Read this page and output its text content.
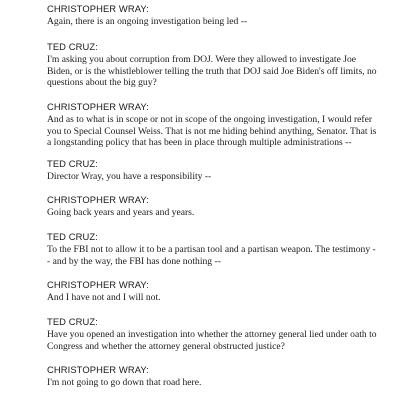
CHRISTOPHER WRAY:

Again, there is an ongoing investigation being led --

TED CRUZ:

I'm asking you about corruption from DOJ. Were they allowed to investigate Joe

Biden, or is the whistleblower telling the truth that DOJ said Joe Biden's off limits, no

questions about the big guy?

CHRISTOPHER WRAY:

And as to what is in scope or not in scope of the ongoing investigation, I would refer

you to Special Counsel Weiss. That is not me hiding behind anything, Senator. That is

a longstanding policy that has been in place through multiple administrations --

TED CRUZ:

Director Wray, you have a responsibility --

CHRISTOPHER WRAY:

Going back years and years and years.

TED CRUZ:

To the FBI not to allow it to be a partisan tool and a partisan weapon. The testimony -

- and by the way, the FBI has done nothing --

CHRISTOPHER WRAY:

And I have not and I will not.

TED CRUZ:

Have you opened an investigation into whether the attorney general lied under oath to

Congress and whether the attorney general obstructed justice?

CHRISTOPHER WRAY:

I'm not going to go down that road here.
